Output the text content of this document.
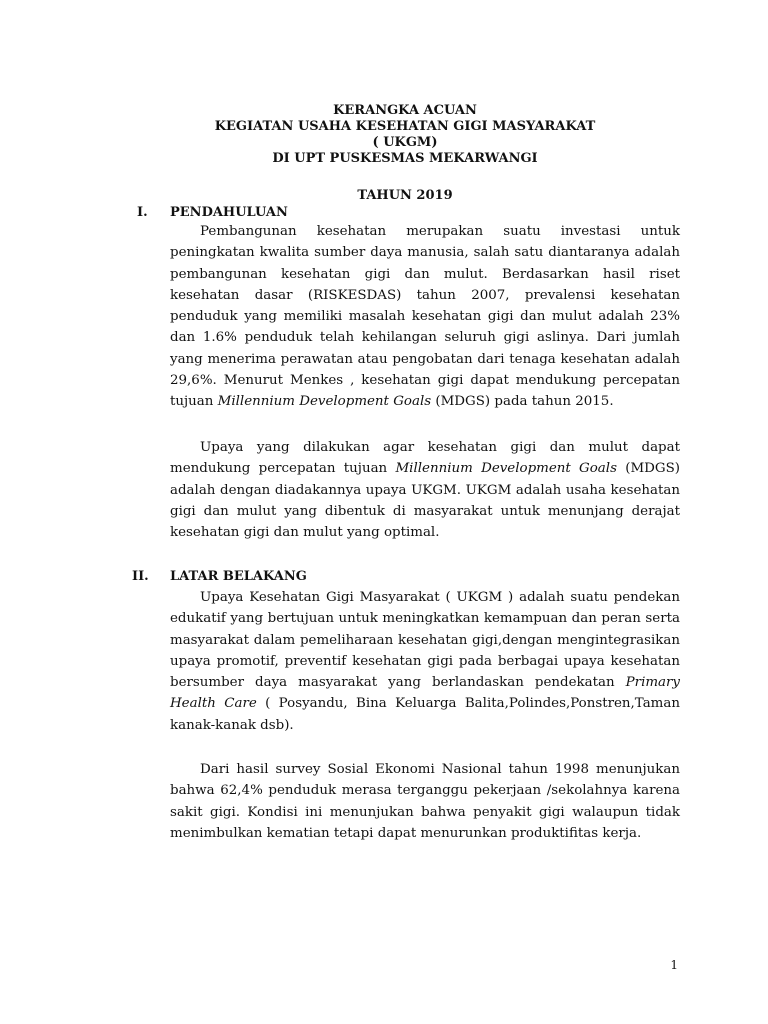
KERANGKA ACUAN
KEGIATAN USAHA KESEHATAN GIGI MASYARAKAT
( UKGM)
DI UPT PUSKESMAS MEKARWANGI
TAHUN 2019
I. PENDAHULUAN

Pembangunan kesehatan merupakan suatu investasi untuk peningkatan kwalita sumber daya manusia, salah satu diantaranya adalah pembangunan kesehatan gigi dan mulut. Berdasarkan hasil riset kesehatan dasar (RISKESDAS) tahun 2007, prevalensi kesehatan penduduk yang memiliki masalah kesehatan gigi dan mulut adalah 23% dan 1.6% penduduk telah kehilangan seluruh gigi aslinya. Dari jumlah yang menerima perawatan atau pengobatan dari tenaga kesehatan adalah 29,6%. Menurut Menkes , kesehatan gigi dapat mendukung percepatan tujuan Millennium Development Goals (MDGS) pada tahun 2015.

Upaya yang dilakukan agar kesehatan gigi dan mulut dapat mendukung percepatan tujuan Millennium Development Goals (MDGS) adalah dengan diadakannya upaya UKGM. UKGM adalah usaha kesehatan gigi dan mulut yang dibentuk di masyarakat untuk menunjang derajat kesehatan gigi dan mulut yang optimal.

II. LATAR BELAKANG

Upaya Kesehatan Gigi Masyarakat ( UKGM ) adalah suatu pendekan edukatif yang bertujuan untuk meningkatkan kemampuan dan peran serta masyarakat dalam pemeliharaan kesehatan gigi,dengan mengintegrasikan upaya promotif, preventif kesehatan gigi pada berbagai upaya kesehatan bersumber daya masyarakat yang berlandaskan pendekatan Primary Health Care ( Posyandu, Bina Keluarga Balita,Polindes,Ponstren,Taman kanak-kanak dsb).

Dari hasil survey Sosial Ekonomi Nasional tahun 1998 menunjukan bahwa 62,4% penduduk merasa terganggu pekerjaan /sekolahnya karena sakit gigi. Kondisi ini menunjukan bahwa penyakit gigi walaupun tidak menimbulkan kematian tetapi dapat menurunkan produktifitas kerja.

1
